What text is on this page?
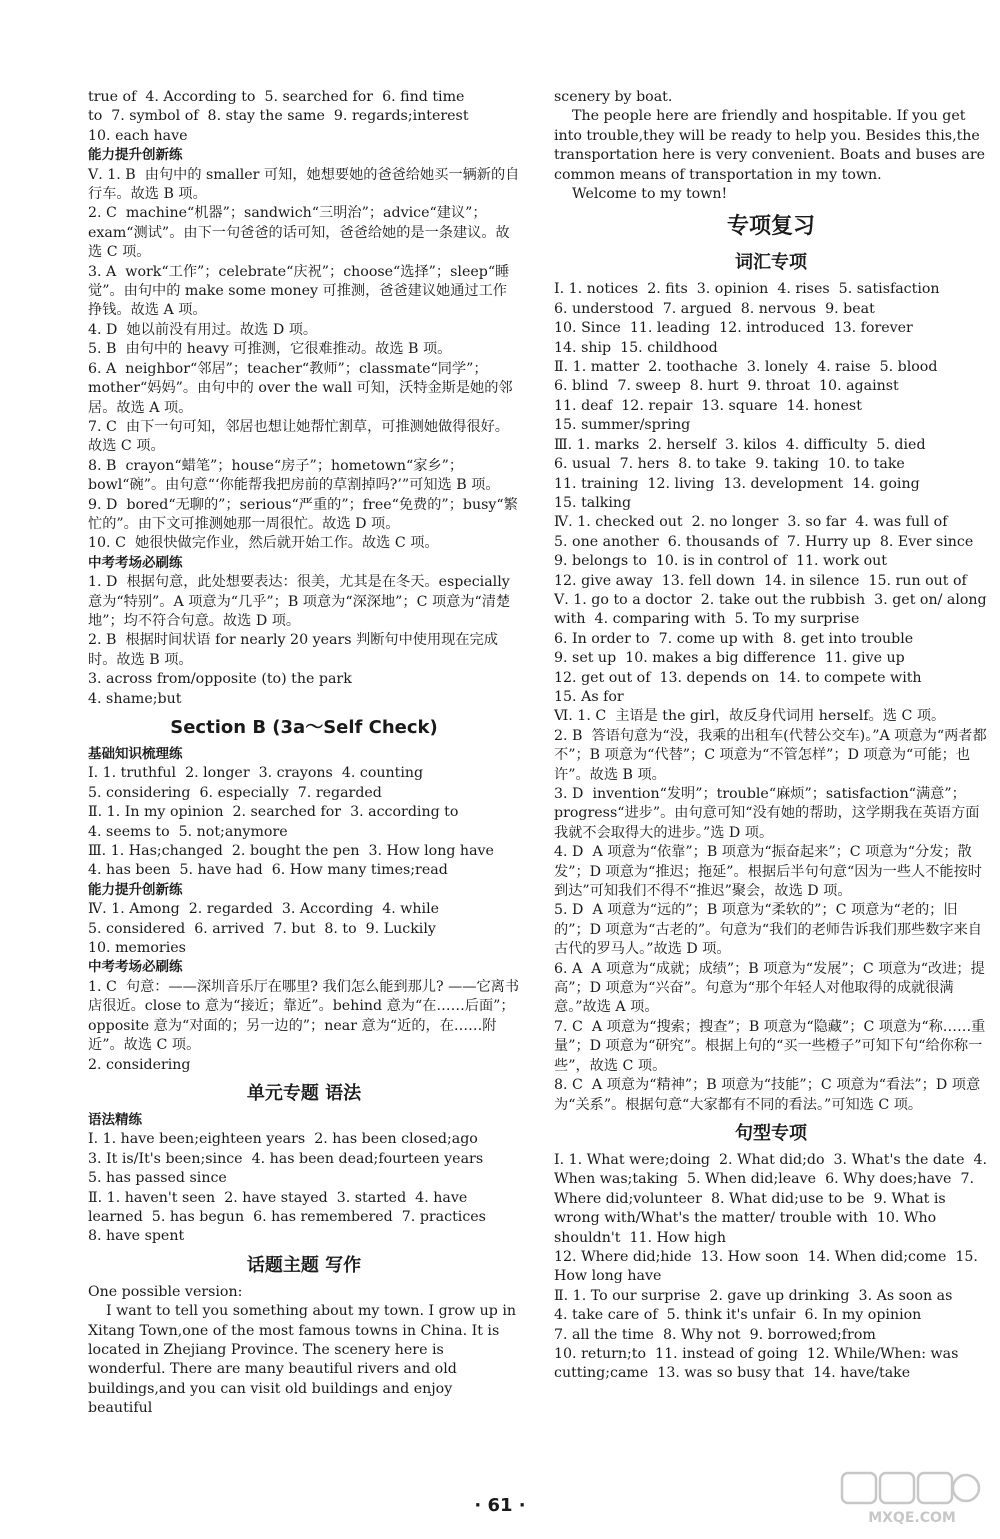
true of  4. According to  5. searched for  6. find time
to  7. symbol of  8. stay the same  9. regards;interest
10. each have
能力提升创新练
Ⅴ. 1. B  由句中的 smaller 可知，她想要她的爸爸给她买一辆新的自行车。故选 B 项。
2. C  machine“机器”；sandwich“三明治”；advice“建议”；exam“测试”。由下一句爸爸的话可知，爸爸给她的是一条建议。故选 C 项。
3. A  work“工作”；celebrate“庆祝”；choose“选择”；sleep“睡觉”。由句中的 make some money 可推测，爸爸建议她通过工作挣钱。故选 A 项。
4. D  她以前没有用过。故选 D 项。
5. B  由句中的 heavy 可推测，它很难推动。故选 B 项。
6. A  neighbor“邻居”；teacher“教师”；classmate“同学”；mother“妈妈”。由句中的 over the wall 可知，沃特金斯是她的邻居。故选 A 项。
7. C  由下一句可知，邻居也想让她帮忙割草，可推测她做得很好。故选 C 项。
8. B  crayon“蜡笔”；house“房子”；hometown“家乡”；bowl“碗”。由句意“‘你能帮我把房前的草割掉吗?’”可知选 B 项。
9. D  bored“无聊的”；serious“严重的”；free“免费的”；busy“繁忙的”。由下文可推测她那一周很忙。故选 D 项。
10. C  她很快做完作业，然后就开始工作。故选 C 项。
中考考场必刷练
1. D  根据句意，此处想要表达：很美，尤其是在冬天。especially 意为“特别”。A 项意为“几乎”；B 项意为“深深地”；C 项意为“清楚地”；均不符合句意。故选 D 项。
2. B  根据时间状语 for nearly 20 years 判断句中使用现在完成时。故选 B 项。
3. across from/opposite (to) the park
4. shame;but
Section B (3a～Self Check)
基础知识梳理练
Ⅰ. 1. truthful  2. longer  3. crayons  4. counting
5. considering  6. especially  7. regarded
Ⅱ. 1. In my opinion  2. searched for  3. according to
4. seems to  5. not;anymore
Ⅲ. 1. Has;changed  2. bought the pen  3. How long have
4. has been  5. have had  6. How many times;read
能力提升创新练
Ⅳ. 1. Among  2. regarded  3. According  4. while
5. considered  6. arrived  7. but  8. to  9. Luckily
10. memories
中考考场必刷练
1. C  句意：——深圳音乐厅在哪里? 我们怎么能到那儿? ——它离书店很近。close to 意为“接近；靠近”。behind 意为“在……后面”；opposite 意为“对面的；另一边的”；near 意为“近的，在……附近”。故选 C 项。
2. considering
单元专题 语法
语法精练
Ⅰ. 1. have been;eighteen years  2. has been closed;ago
3. It is/It's been;since  4. has been dead;fourteen years
5. has passed since
Ⅱ. 1. haven't seen  2. have stayed  3. started  4. have learned  5. has begun  6. has remembered  7. practices
8. have spent
话题主题 写作
One possible version:
I want to tell you something about my town. I grow up in Xitang Town,one of the most famous towns in China. It is located in Zhejiang Province. The scenery here is wonderful. There are many beautiful rivers and old buildings,and you can visit old buildings and enjoy beautiful
scenery by boat.
The people here are friendly and hospitable. If you get into trouble,they will be ready to help you. Besides this,the transportation here is very convenient. Boats and buses are common means of transportation in my town.
Welcome to my town!
专项复习
词汇专项
Ⅰ. 1. notices  2. fits  3. opinion  4. rises  5. satisfaction
6. understood  7. argued  8. nervous  9. beat
10. Since  11. leading  12. introduced  13. forever
14. ship  15. childhood
Ⅱ. 1. matter  2. toothache  3. lonely  4. raise  5. blood
6. blind  7. sweep  8. hurt  9. throat  10. against
11. deaf  12. repair  13. square  14. honest
15. summer/spring
Ⅲ. 1. marks  2. herself  3. kilos  4. difficulty  5. died
6. usual  7. hers  8. to take  9. taking  10. to take
11. training  12. living  13. development  14. going
15. talking
Ⅳ. 1. checked out  2. no longer  3. so far  4. was full of
5. one another  6. thousands of  7. Hurry up  8. Ever since  9. belongs to  10. is in control of  11. work out
12. give away  13. fell down  14. in silence  15. run out of
Ⅴ. 1. go to a doctor  2. take out the rubbish  3. get on/ along with  4. comparing with  5. To my surprise
6. In order to  7. come up with  8. get into trouble
9. set up  10. makes a big difference  11. give up
12. get out of  13. depends on  14. to compete with
15. As for
Ⅵ. 1. C  主语是 the girl，故反身代词用 herself。选 C 项。
2. B  答语句意为“没，我乘的出租车(代替公交车)。”A 项意为“两者都不”；B 项意为“代替”；C 项意为“不管怎样”；D 项意为“可能；也许”。故选 B 项。
3. D  invention“发明”；trouble“麻烦”；satisfaction“满意”；progress“进步”。由句意可知“没有她的帮助，这学期我在英语方面我就不会取得大的进步。”选 D 项。
4. D  A 项意为“依靠”；B 项意为“振奋起来”；C 项意为“分发；散发”；D 项意为“推迟；拖延”。根据后半句句意“因为一些人不能按时到达”可知我们不得不“推迟”聚会，故选 D 项。
5. D  A 项意为“远的”；B 项意为“柔软的”；C 项意为“老的；旧的”；D 项意为“古老的”。句意为“我们的老师告诉我们那些数字来自古代的罗马人。”故选 D 项。
6. A  A 项意为“成就；成绩”；B 项意为“发展”；C 项意为“改进；提高”；D 项意为“兴奋”。句意为“那个年轻人对他取得的成就很满意。”故选 A 项。
7. C  A 项意为“搜索；搜查”；B 项意为“隐藏”；C 项意为“称……重量”；D 项意为“研究”。根据上句的“买一些橙子”可知下句“给你称一些”，故选 C 项。
8. C  A 项意为“精神”；B 项意为“技能”；C 项意为“看法”；D 项意为“关系”。根据句意“大家都有不同的看法。”可知选 C 项。
句型专项
Ⅰ. 1. What were;doing  2. What did;do  3. What's the date  4. When was;taking  5. When did;leave  6. Why does;have  7. Where did;volunteer  8. What did;use to be  9. What is wrong with/What's the matter/ trouble with  10. Who shouldn't  11. How high
12. Where did;hide  13. How soon  14. When did;come  15. How long have
Ⅱ. 1. To our surprise  2. gave up drinking  3. As soon as
4. take care of  5. think it's unfair  6. In my opinion
7. all the time  8. Why not  9. borrowed;from
10. return;to  11. instead of going  12. While/When: was cutting;came  13. was so busy that  14. have/take
· 61 ·
MXQE.COM
